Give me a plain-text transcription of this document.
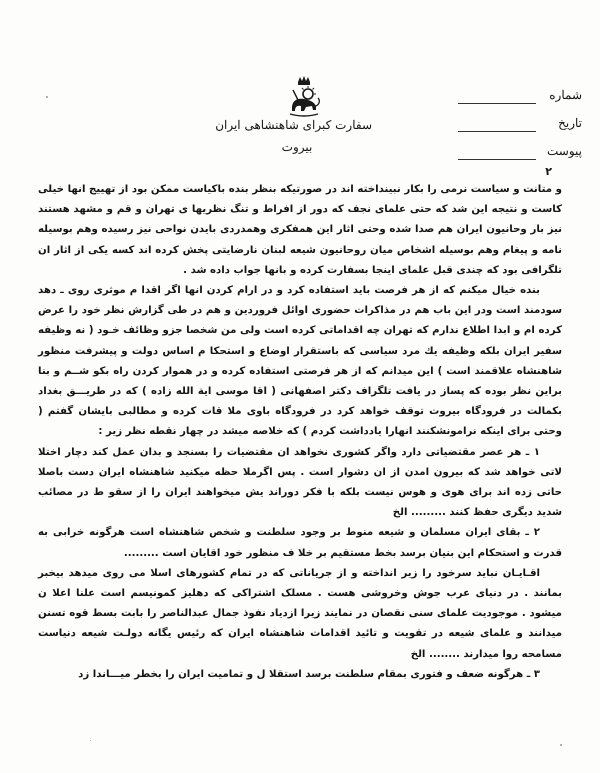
سفارت کبرای شاهنشاهی ایران
بیروت
شماره
تاریخ
پیوست
۲

و متانت و سیاست نرمی را بکار نبینداخته اند در صورتیکه بنظر بنده باکیاست ممکن بود از تهییج انها خیلی کاست و نتیجه این شد که حتی علمای نجف که دور از افراط و تنگ نظریها ی تهران و قم و مشهد هستند نیز بار وحانیون ایران هم صدا شده وحتی اثار این همفکری وهمدردی بایدن نواحی نیز رسیده وهم بوسیله نامه و پیغام وهم بوسیله اشخاص میان روحانیون شیعه لبنان نارضایتی پخش کرده اند کسه یکی از اثار ان تلگرافی بود که چندی قبل علمای اینجا بسفارت کرده و بانها جواب داده شد .

بنده خیال میکنم که از هر فرصت باید استفاده کرد و در ارام کردن انها اگر اقدا م موثری روی ـ دهد سودمند است ودر این باب هم در مذاکرات حضوری اوائل فروردین و هم در طی گزارش نظر خود را عرض کرده ام و ابدا اطلاع ندارم که تهران چه اقداماتی کرده است ولی من شخصا جزو وظائف خـود ( نه وظیفه سفیر ایران بلکه وظیفه یك مرد سیاسی که باستقرار اوضاع و استحکا م اساس دولت و پیشرفت منظور شاهنشاه علاقمند است ) این میدانم که از هر فرصتی استفاده کرده و در هموار کردن راه بکو شــم و بنا براین نظر بوده که پساز در یافت تلگراف دکتر اصفهانی ( اقا موسی ایة الله زاده ) که در طریـــق بغداد بکمالت در فرودگاه بیروت توقف خواهد کرد در فرودگاه باوی ملا قات کرده و مطالبی بایشان گفتم ( وحتی برای اینکه نرامونشکنند انهارا یادداشت کردم ) که خلاصه میشد در چهار نقطه نظر زیر :

۱ ـ هر عصر مقتضیاتی دارد واگر کشوری نخواهد ان مقتضیات را بسنجد و بدان عمل کند دچار اختلا لاتی خواهد شد که بیرون امدن از ان دشوار است . پس اگرملا حظه میکنید شاهنشاه ایران دست باصلا حاتی زده اند برای هوی و هوس نیست بلکه با فکر دوراند یش میخواهند ایران را از سقو ط در مصائب شدید دیگری حفظ کنند ......... الخ

۲ ـ بقای ایران مسلمان و شیعه منوط بر وجود سلطنت و شخص شاهنشاه است هرگونه خرابی به قدرت و استحکام این بنیان برسد بخط مستقیم بر خلا ف منظور خود اقایان است .........

اقـایـان نباید سرخود را زیر انداخته و از جریاناتی که در تمام کشورهای اسلا می روی میدهد بیخبر بمانند . در دنیای عرب جوش وخروشی هست . مسلک اشتراکی که دهلیز کمونیسم است علنا اعلا ن میشود . موجودیت علمای سنی نقصان در نمایند زیرا ازدیاد نفوذ جمال عبدالناصر را بابت بسط قوه تسنن میدانند و علمای شیعه در تقویت و تائید اقدامات شاهنشاه ایران که رئیس یگانه دولـت شیعه دنیاست مسامحه روا میدارند ........ الخ

۳ ـ هرگونه ضعف و فتوری بمقام سلطنت برسد استقلا ل و تمامیت ایران را بخطر میـــاندا زد
